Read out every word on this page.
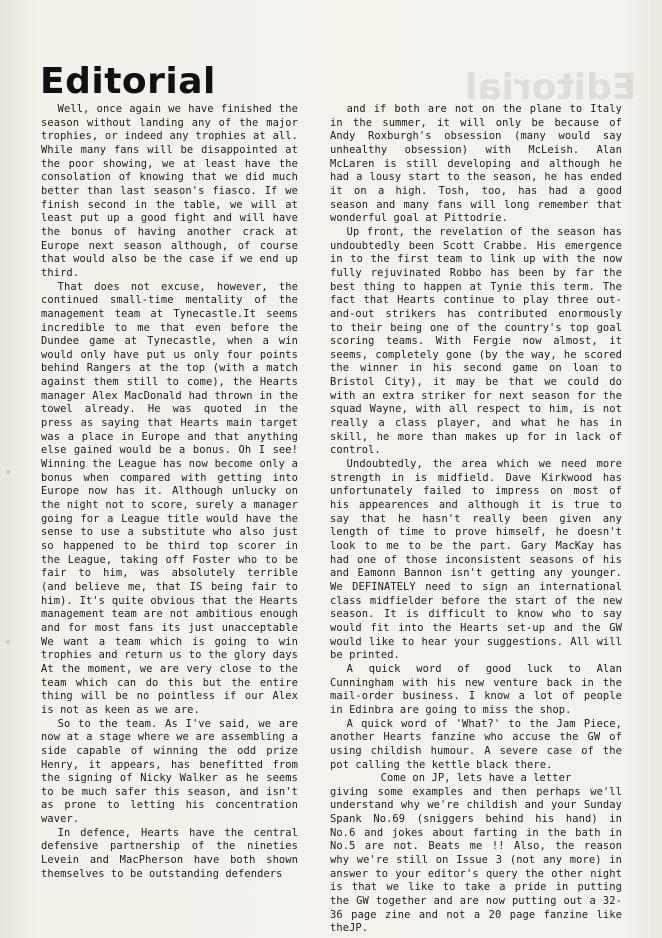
Editorial	Editorial

Well, once again we have finished the season without landing any of the major trophies, or indeed any trophies at all. While many fans will be disappointed at the poor showing, we at least have the consolation of knowing that we did much better than last season's fiasco. If we finish second in the table, we will at least put up a good fight and will have the bonus of having another crack at Europe next season although, of course that would also be the case if we end up third.

That does not excuse, however, the continued small-time mentality of the management team at Tynecastle.It seems incredible to me that even before the Dundee game at Tynecastle, when a win would only have put us only four points behind Rangers at the top (with a match against them still to come), the Hearts manager Alex MacDonald had thrown in the towel already. He was quoted in the press as saying that Hearts main target was a place in Europe and that anything else gained would be a bonus. Oh I see! Winning the League has now become only a bonus when compared with getting into Europe now has it. Although unlucky on the night not to score, surely a manager going for a League title would have the sense to use a substitute who also just so happened to be third top scorer in the League, taking off Foster who to be fair to him, was absolutely terrible (and believe me, that IS being fair to him). It's quite obvious that the Hearts management team are not ambitious enough and for most fans its just unacceptable We want a team which is going to win trophies and return us to the glory days At the moment, we are very close to the team which can do this but the entire thing will be no pointless if our Alex is not as keen as we are.

So to the team. As I've said, we are now at a stage where we are assembling a side capable of winning the odd prize Henry, it appears, has benefitted from the signing of Nicky Walker as he seems to be much safer this season, and isn't as prone to letting his concentration waver.

In defence, Hearts have the central defensive partnership of the nineties Levein and MacPherson have both shown themselves to be outstanding defenders

and if both are not on the plane to Italy in the summer, it will only be because of Andy Roxburgh's obsession (many would say unhealthy obsession) with McLeish. Alan McLaren is still developing and although he had a lousy start to the season, he has ended it on a high. Tosh, too, has had a good season and many fans will long remember that wonderful goal at Pittodrie.

Up front, the revelation of the season has undoubtedly been Scott Crabbe. His emergence in to the first team to link up with the now fully rejuvinated Robbo has been by far the best thing to happen at Tynie this term. The fact that Hearts continue to play three out-and-out strikers has contributed enormously to their being one of the country's top goal scoring teams. With Fergie now almost, it seems, completely gone (by the way, he scored the winner in his second game on loan to Bristol City), it may be that we could do with an extra striker for next season for the squad Wayne, with all respect to him, is not really a class player, and what he has in skill, he more than makes up for in lack of control.

Undoubtedly, the area which we need more strength in is midfield. Dave Kirkwood has unfortunately failed to impress on most of his appearences and although it is true to say that he hasn't really been given any length of time to prove himself, he doesn't look to me to be the part. Gary MacKay has had one of those inconsistent seasons of his and Eamonn Bannon isn't getting any younger. We DEFINATELY need to sign an international class midfielder before the start of the new season. It is difficult to know who to say would fit into the Hearts set-up and the GW would like to hear your suggestions. All will be printed.

A quick word of good luck to Alan Cunningham with his new venture back in the mail-order business. I know a lot of people in Edinbra are going to miss the shop.

A quick word of 'What?' to the Jam Piece, another Hearts fanzine who accuse the GW of using childish humour. A severe case of the pot calling the kettle black there.

Come on JP, lets have a letter

giving some examples and then perhaps we'll understand why we're childish and your Sunday Spank No.69 (sniggers behind his hand) in No.6 and jokes about farting in the bath in No.5 are not. Beats me !! Also, the reason why we're still on Issue 3 (not any more) in answer to your editor's query the other night is that we like to take a pride in putting the GW together and are now putting out a 32-36 page zine and not a 20 page fanzine like theJP.
